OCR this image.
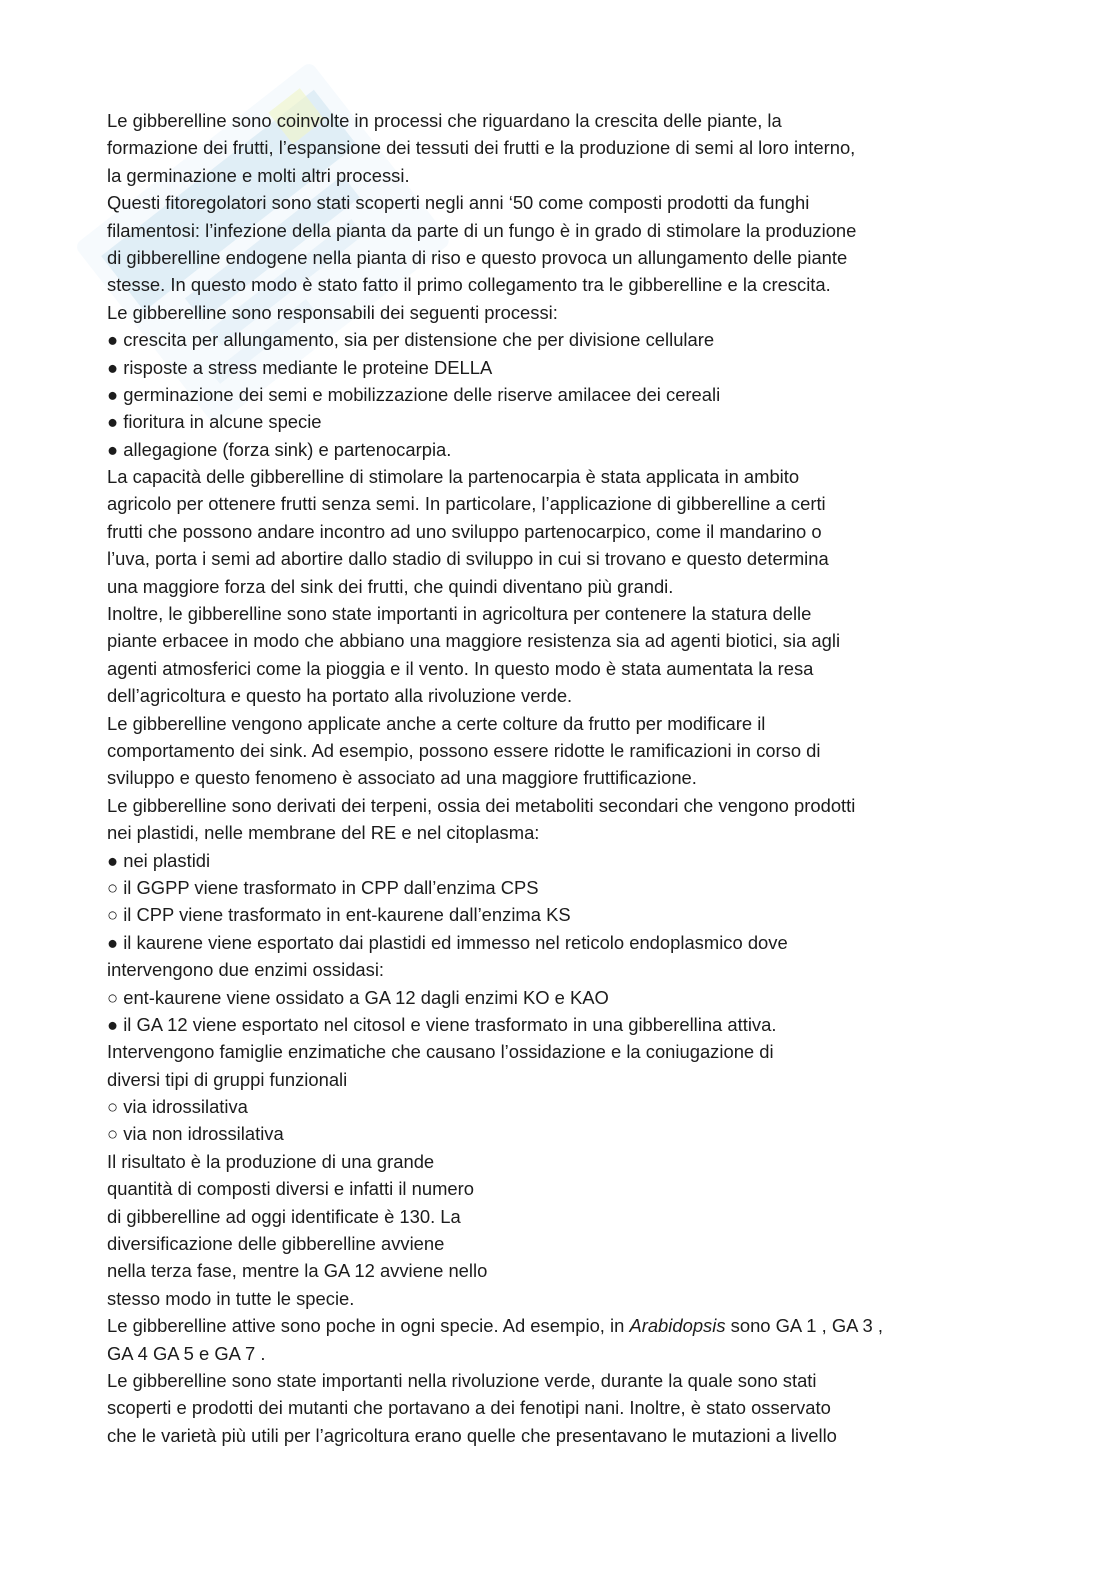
Le gibberelline sono coinvolte in processi che riguardano la crescita delle piante, la
formazione dei frutti, l’espansione dei tessuti dei frutti e la produzione di semi al loro interno,
la germinazione e molti altri processi.
Questi fitoregolatori sono stati scoperti negli anni ‘50 come composti prodotti da funghi
filamentosi: l’infezione della pianta da parte di un fungo è in grado di stimolare la produzione
di gibberelline endogene nella pianta di riso e questo provoca un allungamento delle piante
stesse. In questo modo è stato fatto il primo collegamento tra le gibberelline e la crescita.
Le gibberelline sono responsabili dei seguenti processi:
● crescita per allungamento, sia per distensione che per divisione cellulare
● risposte a stress mediante le proteine DELLA
● germinazione dei semi e mobilizzazione delle riserve amilacee dei cereali
● fioritura in alcune specie
● allegagione (forza sink) e partenocarpia.
La capacità delle gibberelline di stimolare la partenocarpia è stata applicata in ambito
agricolo per ottenere frutti senza semi. In particolare, l’applicazione di gibberelline a certi
frutti che possono andare incontro ad uno sviluppo partenocarpico, come il mandarino o
l’uva, porta i semi ad abortire dallo stadio di sviluppo in cui si trovano e questo determina
una maggiore forza del sink dei frutti, che quindi diventano più grandi.
Inoltre, le gibberelline sono state importanti in agricoltura per contenere la statura delle
piante erbacee in modo che abbiano una maggiore resistenza sia ad agenti biotici, sia agli
agenti atmosferici come la pioggia e il vento. In questo modo è stata aumentata la resa
dell’agricoltura e questo ha portato alla rivoluzione verde.
Le gibberelline vengono applicate anche a certe colture da frutto per modificare il
comportamento dei sink. Ad esempio, possono essere ridotte le ramificazioni in corso di
sviluppo e questo fenomeno è associato ad una maggiore fruttificazione.
Le gibberelline sono derivati dei terpeni, ossia dei metaboliti secondari che vengono prodotti
nei plastidi, nelle membrane del RE e nel citoplasma:
● nei plastidi
○ il GGPP viene trasformato in CPP dall’enzima CPS
○ il CPP viene trasformato in ent-kaurene dall’enzima KS
● il kaurene viene esportato dai plastidi ed immesso nel reticolo endoplasmico dove
intervengono due enzimi ossidasi:
○ ent-kaurene viene ossidato a GA 12 dagli enzimi KO e KAO
● il GA 12 viene esportato nel citosol e viene trasformato in una gibberellina attiva.
Intervengono famiglie enzimatiche che causano l’ossidazione e la coniugazione di
diversi tipi di gruppi funzionali
○ via idrossilativa
○ via non idrossilativa
Il risultato è la produzione di una grande
quantità di composti diversi e infatti il numero
di gibberelline ad oggi identificate è 130. La
diversificazione delle gibberelline avviene
nella terza fase, mentre la GA 12 avviene nello
stesso modo in tutte le specie.
Le gibberelline attive sono poche in ogni specie. Ad esempio, in Arabidopsis sono GA 1 , GA 3 ,
GA 4 GA 5 e GA 7 .
Le gibberelline sono state importanti nella rivoluzione verde, durante la quale sono stati
scoperti e prodotti dei mutanti che portavano a dei fenotipi nani. Inoltre, è stato osservato
che le varietà più utili per l’agricoltura erano quelle che presentavano le mutazioni a livello
